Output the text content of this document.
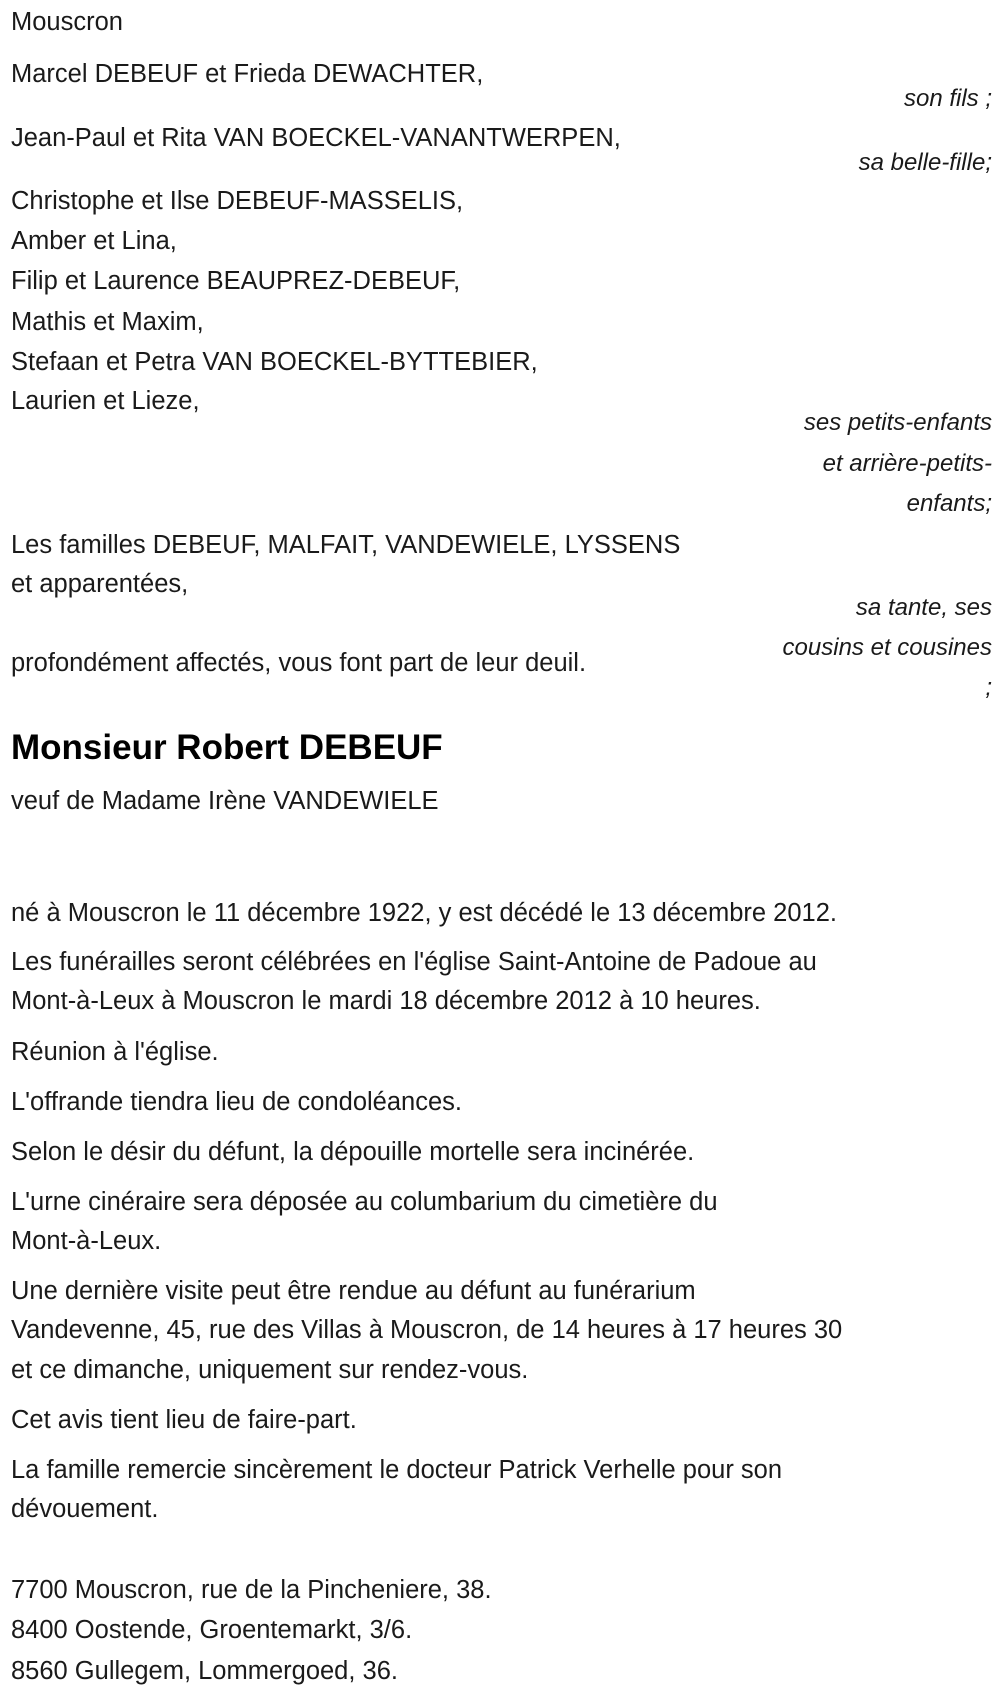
Mouscron
Marcel DEBEUF et Frieda DEWACHTER,
son fils ;
Jean-Paul et Rita VAN BOECKEL-VANANTWERPEN,
sa belle-fille;
Christophe et Ilse DEBEUF-MASSELIS,
Amber et Lina,
Filip et Laurence BEAUPREZ-DEBEUF,
Mathis et Maxim,
Stefaan et Petra VAN BOECKEL-BYTTEBIER,
Laurien et Lieze,
ses petits-enfants
et arrière-petits-
enfants;
Les familles DEBEUF, MALFAIT, VANDEWIELE, LYSSENS
et apparentées,
sa tante, ses
cousins et cousines
;
profondément affectés, vous font part de leur deuil.
Monsieur Robert DEBEUF
veuf de Madame Irène VANDEWIELE
né à Mouscron le 11 décembre 1922, y est décédé le 13 décembre 2012.
Les funérailles seront célébrées en l'église Saint-Antoine de Padoue au
Mont-à-Leux à Mouscron le mardi 18 décembre 2012 à 10 heures.
Réunion à l'église.
L'offrande tiendra lieu de condoléances.
Selon le désir du défunt, la dépouille mortelle sera incinérée.
L'urne cinéraire sera déposée au columbarium du cimetière du
Mont-à-Leux.
Une dernière visite peut être rendue au défunt au funérarium
Vandevenne, 45, rue des Villas à Mouscron, de 14 heures à 17 heures 30
et ce dimanche, uniquement sur rendez-vous.
Cet avis tient lieu de faire-part.
La famille remercie sincèrement le docteur Patrick Verhelle pour son
dévouement.
7700 Mouscron, rue de la Pincheniere, 38.
8400 Oostende, Groentemarkt, 3/6.
8560 Gullegem, Lommergoed, 36.
